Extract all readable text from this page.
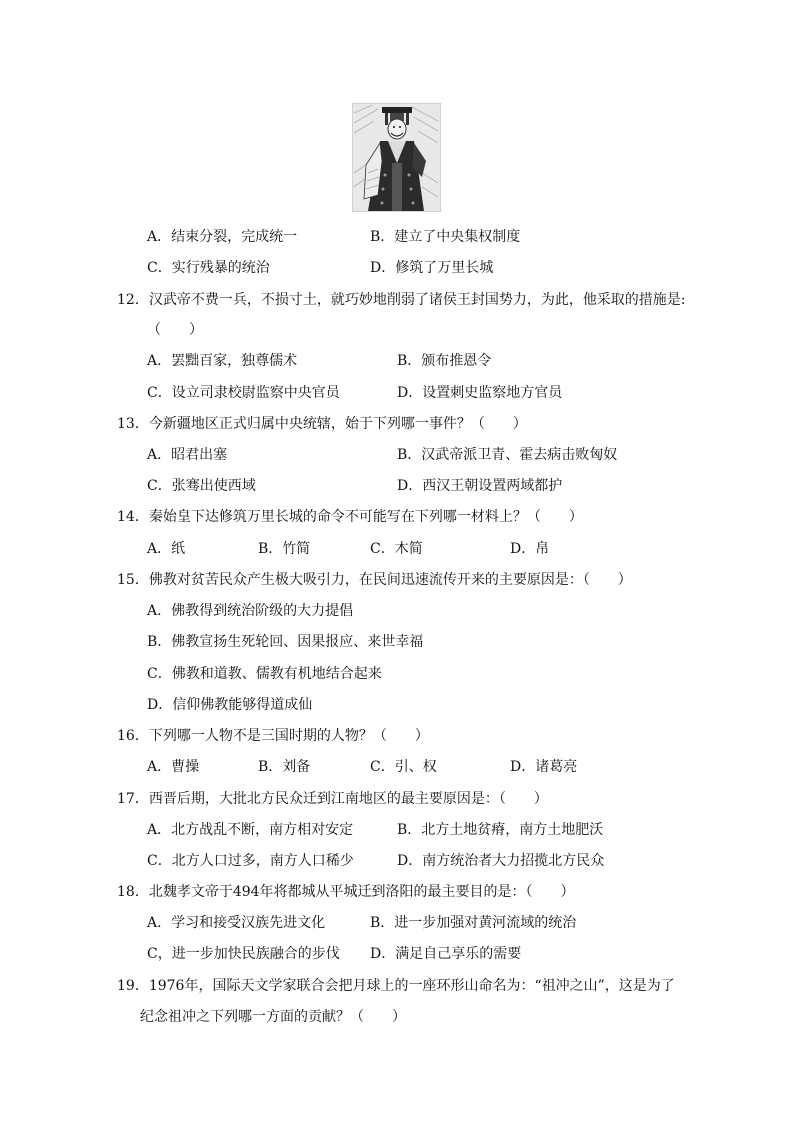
A．结束分裂，完成统一	B．建立了中央集权制度
C．实行残暴的统治	D．修筑了万里长城
12．汉武帝不费一兵，不损寸土，就巧妙地削弱了诸侯王封国势力，为此，他采取的措施是:
（　　）
A．罢黜百家，独尊儒术	B．颁布推恩令
C．设立司隶校尉监察中央官员	D．设置刺史监察地方官员
13．今新疆地区正式归属中央统辖，始于下列哪一事件？（　　）
A．昭君出塞	B．汉武帝派卫青、霍去病击败匈奴
C．张骞出使西域	D．西汉王朝设置两域都护
14．秦始皇下达修筑万里长城的命令不可能写在下列哪一材料上？（　　）
A．纸	B．竹简	C．木简	D．帛
15．佛教对贫苦民众产生极大吸引力，在民间迅速流传开来的主要原因是：（　　）
A．佛教得到统治阶级的大力提倡
B．佛教宣扬生死轮回、因果报应、来世幸福
C．佛教和道教、儒教有机地结合起来
D．信仰佛教能够得道成仙
16．下列哪一人物不是三国时期的人物？（　　）
A．曹操	B．刘备	C．引、权	D．诸葛亮
17．西晋后期，大批北方民众迁到江南地区的最主要原因是：（　　）
A．北方战乱不断，南方相对安定	B．北方土地贫瘠，南方土地肥沃
C．北方人口过多，南方人口稀少	D．南方统治者大力招揽北方民众
18．北魏孝文帝于494年将都城从平城迁到洛阳的最主要目的是：（　　）
A．学习和接受汉族先进文化	B．进一步加强对黄河流域的统治
C，进一步加快民族融合的步伐 D．满足自己享乐的需要
19．1976年，国际天文学家联合会把月球上的一座环形山命名为：“祖冲之山”，这是为了
纪念祖冲之下列哪一方面的贡献？（　　）
